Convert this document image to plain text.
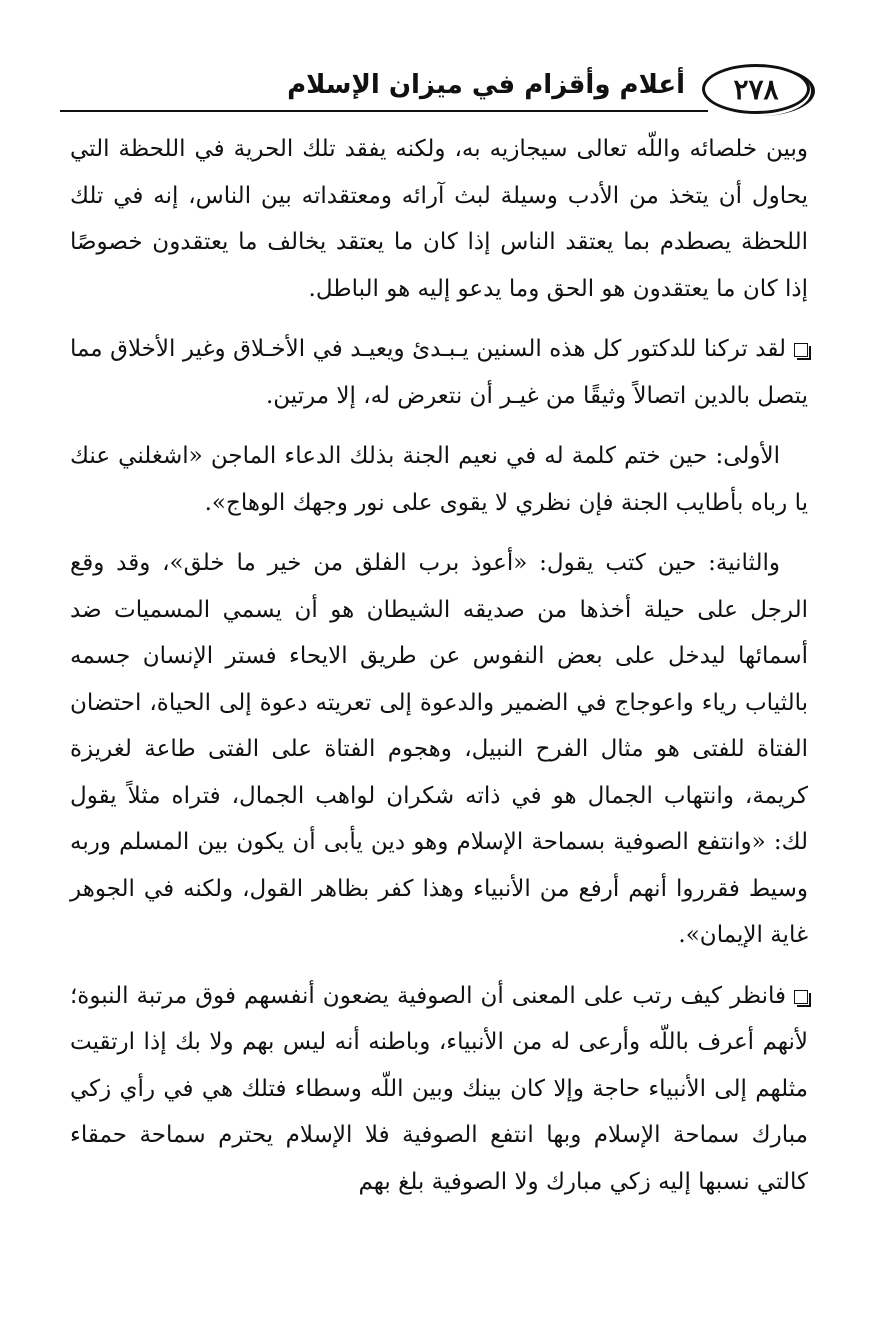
٢٧٨
أعلام وأقزام في ميزان الإسلام

وبين خلصائه واللّه تعالى سيجازيه به، ولكنه يفقد تلك الحرية في اللحظة التي يحاول أن يتخذ من الأدب وسيلة لبث آرائه ومعتقداته بين الناس، إنه في تلك اللحظة يصطدم بما يعتقد الناس إذا كان ما يعتقد يخالف ما يعتقدون خصوصًا إذا كان ما يعتقدون هو الحق وما يدعو إليه هو الباطل.

لقد تركنا للدكتور كل هذه السنين يـبـدئ ويعيـد في الأخـلاق وغير الأخلاق مما يتصل بالدين اتصالاً وثيقًا من غيـر أن نتعرض له، إلا مرتين.

الأولى: حين ختم كلمة له في نعيم الجنة بذلك الدعاء الماجن «اشغلني عنك يا رباه بأطايب الجنة فإن نظري لا يقوى على نور وجهك الوهاج».

والثانية: حين كتب يقول: «أعوذ برب الفلق من خير ما خلق»، وقد وقع الرجل على حيلة أخذها من صديقه الشيطان هو أن يسمي المسميات ضد أسمائها ليدخل على بعض النفوس عن طريق الايحاء فستر الإنسان جسمه بالثياب رياء واعوجاج في الضمير والدعوة إلى تعريته دعوة إلى الحياة، احتضان الفتاة للفتى هو مثال الفرح النبيل، وهجوم الفتاة على الفتى طاعة لغريزة كريمة، وانتهاب الجمال هو في ذاته شكران لواهب الجمال، فتراه مثلاً يقول لك: «وانتفع الصوفية بسماحة الإسلام وهو دين يأبى أن يكون بين المسلم وربه وسيط فقرروا أنهم أرفع من الأنبياء وهذا كفر بظاهر القول، ولكنه في الجوهر غاية الإيمان».

فانظر كيف رتب على المعنى أن الصوفية يضعون أنفسهم فوق مرتبة النبوة؛ لأنهم أعرف باللّه وأرعى له من الأنبياء، وباطنه أنه ليس بهم ولا بك إذا ارتقيت مثلهم إلى الأنبياء حاجة وإلا كان بينك وبين اللّه وسطاء فتلك هي في رأي زكي مبارك سماحة الإسلام وبها انتفع الصوفية فلا الإسلام يحترم سماحة حمقاء كالتي نسبها إليه زكي مبارك ولا الصوفية بلغ بهم
